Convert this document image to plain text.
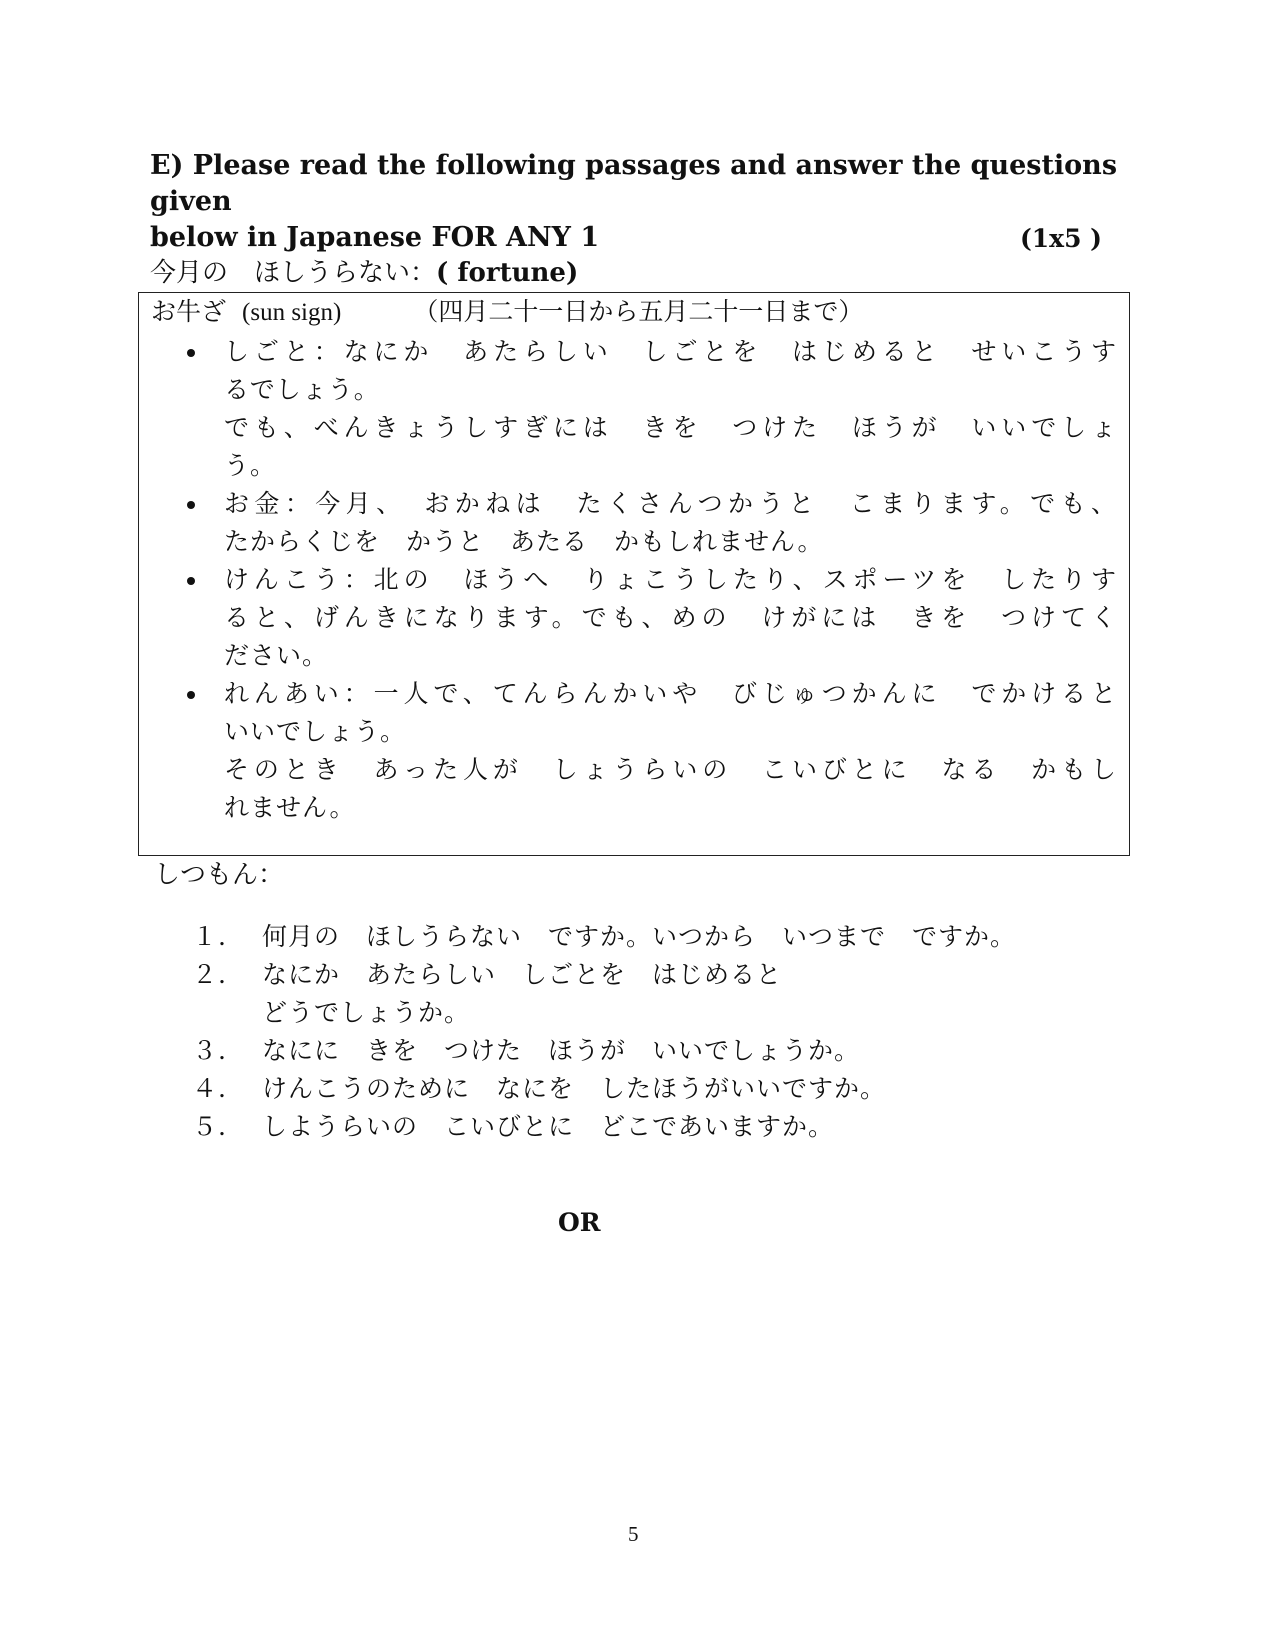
E) Please read the following passages and answer the questions given
below in Japanese FOR ANY 1	(1x5 )
今月の　ほしうらない：( fortune)
お牛ざ (sun sign)	（四月二十一日から五月二十一日まで）
しごと：なにか　あたらしい　しごとを　はじめると　せいこうす
るでしょう。
でも、べんきょうしすぎには　きを　つけた　ほうが　いいでしょ
う。
お金：今月、　おかねは　たくさんつかうと　こまります。でも、
たからくじを　かうと　あたる　かもしれません。
けんこう：北の　ほうへ　りょこうしたり、スポーツを　したりす
ると、げんきになります。でも、めの　けがには　きを　つけてく
ださい。
れんあい：一人で、てんらんかいや　びじゅつかんに　でかけると
いいでしょう。
そのとき　あった人が　しょうらいの　こいびとに　なる　かもし
れません。
しつもん：
１. 何月の　ほしうらない　ですか。いつから　いつまで　ですか。
２. なにか　あたらしい　しごとを　はじめると
どうでしょうか。
３. なにに　きを　つけた　ほうが　いいでしょうか。
４. けんこうのために　なにを　したほうがいいですか。
５. しようらいの　こいびとに　どこであいますか。
OR
5
